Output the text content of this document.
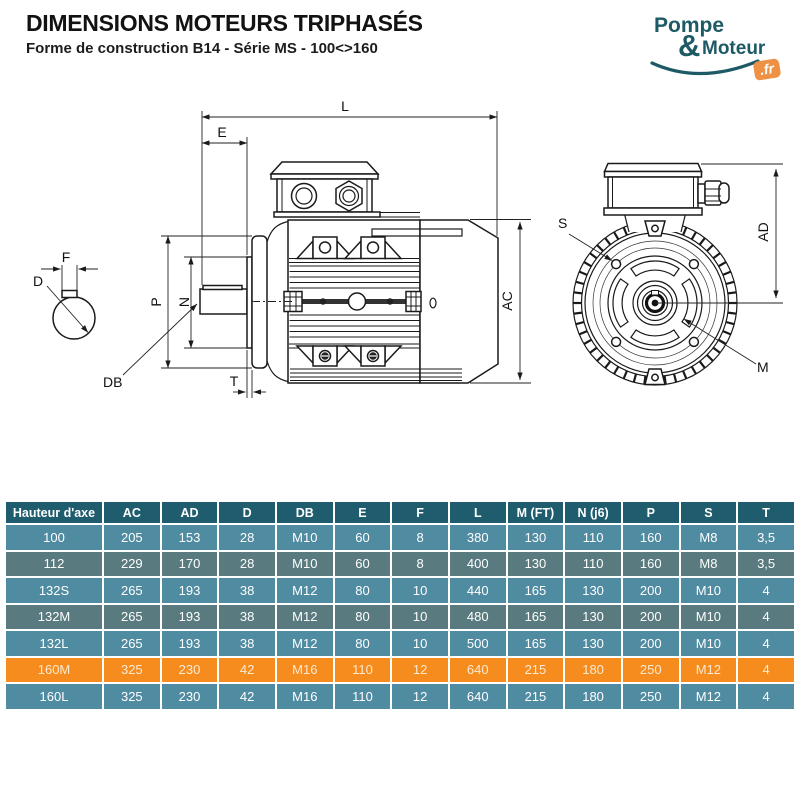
DIMENSIONS MOTEURS TRIPHASÉS
Forme de construction B14 - Série MS - 100<>160
Pompe
& Moteur
.fr
L
E
P N
DB	T
AC
AD
S
M
F
D
Hauteur d'axe	AC	AD	D	DB	E	F	L	M (FT)	N (j6)	P	S	T
100	205	153	28	M10	60	8	380	130	110	160	M8	3,5
112	229	170	28	M10	60	8	400	130	110	160	M8	3,5
132S	265	193	38	M12	80	10	440	165	130	200	M10	4
132M	265	193	38	M12	80	10	480	165	130	200	M10	4
132L	265	193	38	M12	80	10	500	165	130	200	M10	4
160M	325	230	42	M16	110	12	640	215	180	250	M12	4
160L	325	230	42	M16	110	12	640	215	180	250	M12	4
